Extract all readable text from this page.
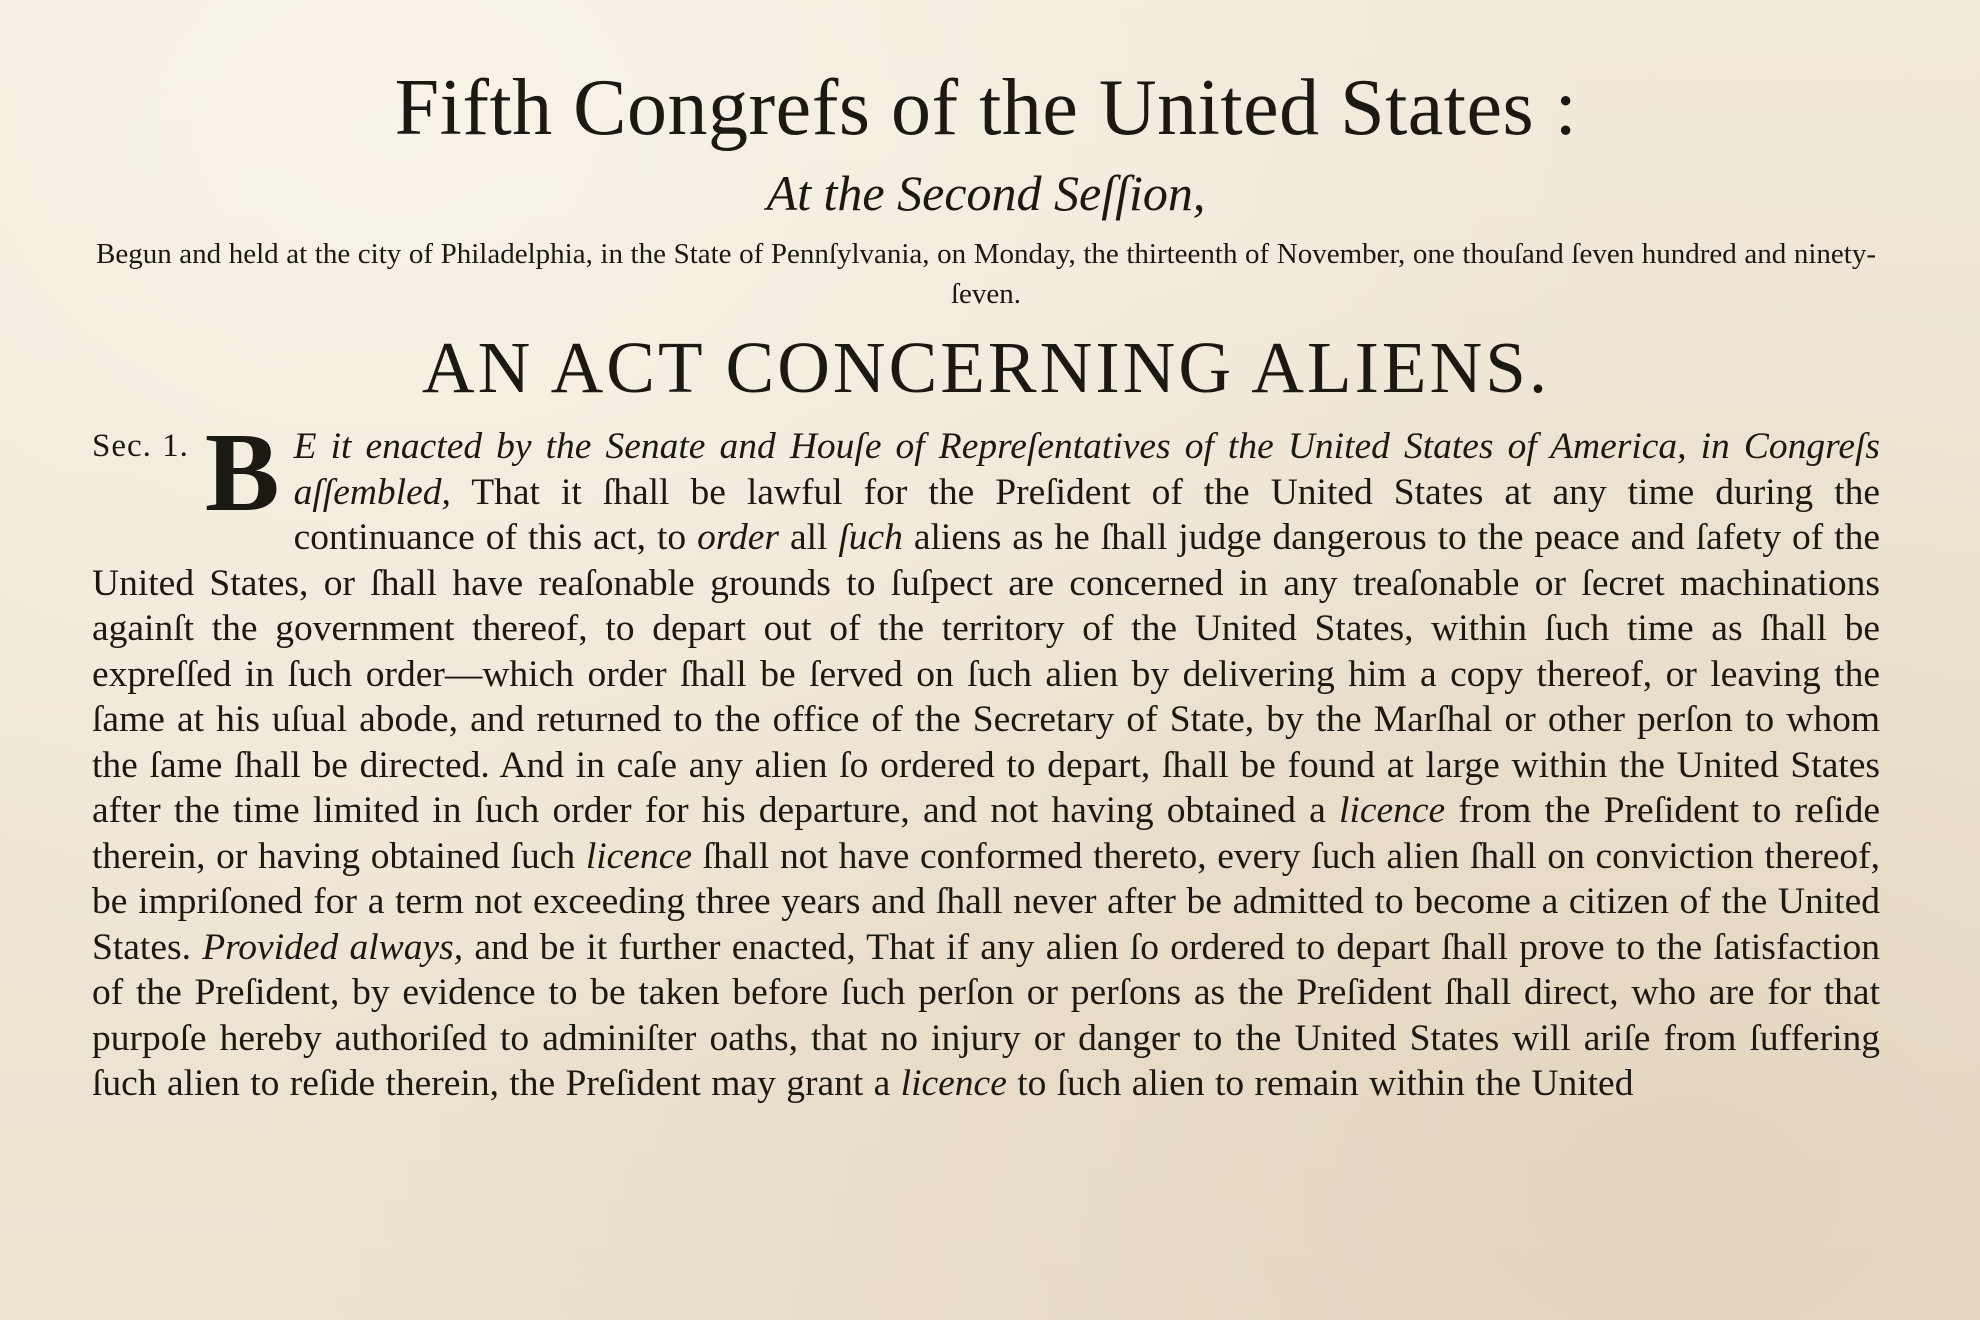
Fifth Congrefs of the United States :

At the Second Seſſion,

Begun and held at the city of Philadelphia, in the State of Pennſylvania, on Monday, the thirteenth of November, one thouſand ſeven hundred and ninety-ſeven.

AN ACT CONCERNING ALIENS.
Sec. 1. B E it enacted by the Senate and Houſe of Repreſentatives of the United States of America, in Congreſs aſſembled, That it ſhall be lawful for the Preſident of the United States at any time during the continuance of this act, to order all ſuch aliens as he ſhall judge dangerous to the peace and ſafety of the United States, or ſhall have reaſonable grounds to ſuſpect are concerned in any treaſonable or ſecret machinations againſt the government thereof, to depart out of the territory of the United States, within ſuch time as ſhall be expreſſed in ſuch order—which order ſhall be ſerved on ſuch alien by delivering him a copy thereof, or leaving the ſame at his uſual abode, and returned to the office of the Secretary of State, by the Marſhal or other perſon to whom the ſame ſhall be directed. And in caſe any alien ſo ordered to depart, ſhall be found at large within the United States after the time limited in ſuch order for his departure, and not having obtained a licence from the Preſident to reſide therein, or having obtained ſuch licence ſhall not have conformed thereto, every ſuch alien ſhall on conviction thereof, be impriſoned for a term not exceeding three years and ſhall never after be admitted to become a citizen of the United States. Provided always, and be it further enacted, That if any alien ſo ordered to depart ſhall prove to the ſatisfaction of the Preſident, by evidence to be taken before ſuch perſon or perſons as the Preſident ſhall direct, who are for that purpoſe hereby authoriſed to adminiſter oaths, that no injury or danger to the United States will ariſe from ſuffering ſuch alien to reſide therein, the Preſident may grant a licence to ſuch alien to remain within the United
